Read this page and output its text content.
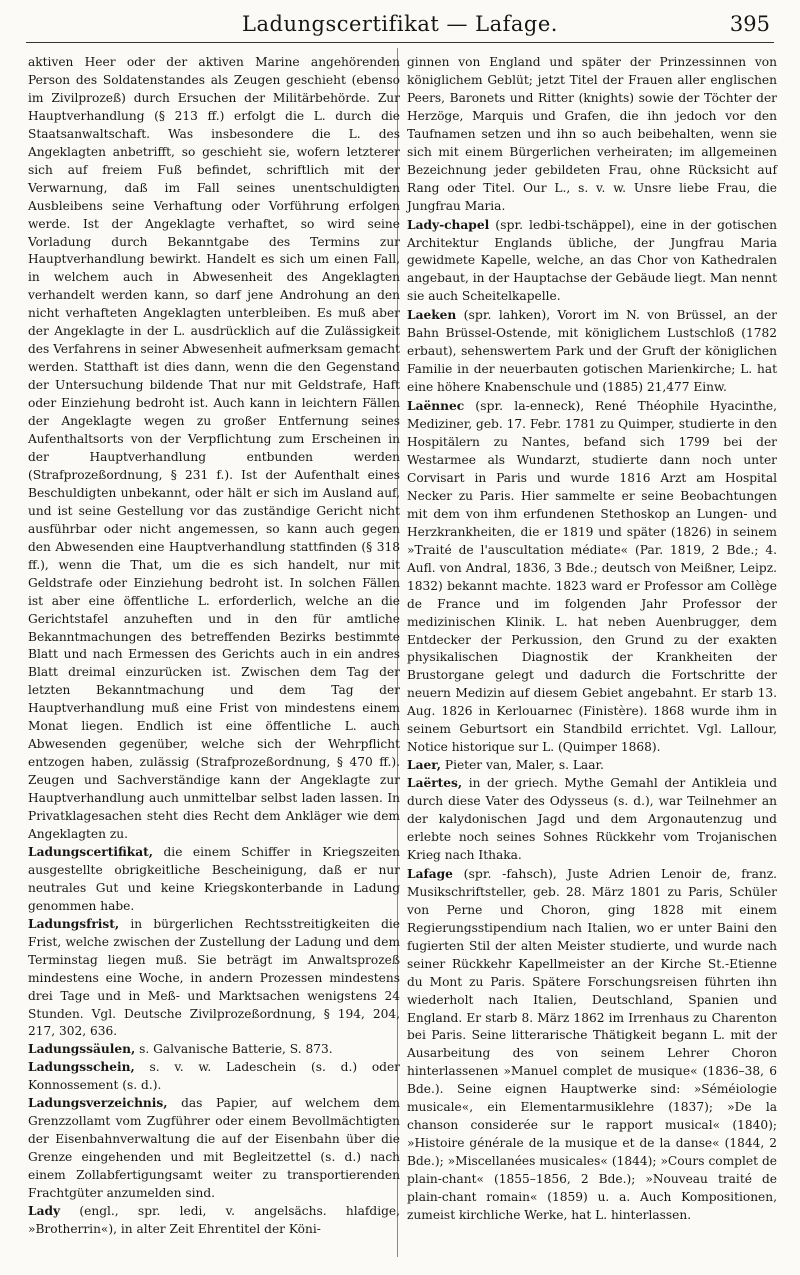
Ladungscertifikat — Lafage.	395

aktiven Heer oder der aktiven Marine angehörenden Person des Soldatenstandes als Zeugen geschieht (ebenso im Zivilprozeß) durch Ersuchen der Militärbehörde. Zur Hauptverhandlung (§ 213 ff.) erfolgt die L. durch die Staatsanwaltschaft. Was insbesondere die L. des Angeklagten anbetrifft, so geschieht sie, wofern letzterer sich auf freiem Fuß befindet, schriftlich mit der Verwarnung, daß im Fall seines unentschuldigten Ausbleibens seine Verhaftung oder Vorführung erfolgen werde. Ist der Angeklagte verhaftet, so wird seine Vorladung durch Bekanntgabe des Termins zur Hauptverhandlung bewirkt. Handelt es sich um einen Fall, in welchem auch in Abwesenheit des Angeklagten verhandelt werden kann, so darf jene Androhung an den nicht verhafteten Angeklagten unterbleiben. Es muß aber der Angeklagte in der L. ausdrücklich auf die Zulässigkeit des Verfahrens in seiner Abwesenheit aufmerksam gemacht werden. Statthaft ist dies dann, wenn die den Gegenstand der Untersuchung bildende That nur mit Geldstrafe, Haft oder Einziehung bedroht ist. Auch kann in leichtern Fällen der Angeklagte wegen zu großer Entfernung seines Aufenthaltsorts von der Verpflichtung zum Erscheinen in der Hauptverhandlung entbunden werden (Strafprozeßordnung, § 231 f.). Ist der Aufenthalt eines Beschuldigten unbekannt, oder hält er sich im Ausland auf, und ist seine Gestellung vor das zuständige Gericht nicht ausführbar oder nicht angemessen, so kann auch gegen den Abwesenden eine Hauptverhandlung stattfinden (§ 318 ff.), wenn die That, um die es sich handelt, nur mit Geldstrafe oder Einziehung bedroht ist. In solchen Fällen ist aber eine öffentliche L. erforderlich, welche an die Gerichtstafel anzuheften und in den für amtliche Bekanntmachungen des betreffenden Bezirks bestimmte Blatt und nach Ermessen des Gerichts auch in ein andres Blatt dreimal einzurücken ist. Zwischen dem Tag der letzten Bekanntmachung und dem Tag der Hauptverhandlung muß eine Frist von mindestens einem Monat liegen. Endlich ist eine öffentliche L. auch Abwesenden gegenüber, welche sich der Wehrpflicht entzogen haben, zulässig (Strafprozeßordnung, § 470 ff.). Zeugen und Sachverständige kann der Angeklagte zur Hauptverhandlung auch unmittelbar selbst laden lassen. In Privatklagesachen steht dies Recht dem Ankläger wie dem Angeklagten zu.

Ladungscertifikat, die einem Schiffer in Kriegszeiten ausgestellte obrigkeitliche Bescheinigung, daß er nur neutrales Gut und keine Kriegskonterbande in Ladung genommen habe.

Ladungsfrist, in bürgerlichen Rechtsstreitigkeiten die Frist, welche zwischen der Zustellung der Ladung und dem Terminstag liegen muß. Sie beträgt im Anwaltsprozeß mindestens eine Woche, in andern Prozessen mindestens drei Tage und in Meß- und Marktsachen wenigstens 24 Stunden. Vgl. Deutsche Zivilprozeßordnung, § 194, 204, 217, 302, 636.

Ladungssäulen, s. Galvanische Batterie, S. 873.

Ladungsschein, s. v. w. Ladeschein (s. d.) oder Konnossement (s. d.).

Ladungsverzeichnis, das Papier, auf welchem dem Grenzzollamt vom Zugführer oder einem Bevollmächtigten der Eisenbahnverwaltung die auf der Eisenbahn über die Grenze eingehenden und mit Begleitzettel (s. d.) nach einem Zollabfertigungsamt weiter zu transportierenden Frachtgüter anzumelden sind.

Lady (engl., spr. ledi, v. angelsächs. hlafdige, »Brotherrin«), in alter Zeit Ehrentitel der Köni-

ginnen von England und später der Prinzessinnen von königlichem Geblüt; jetzt Titel der Frauen aller englischen Peers, Baronets und Ritter (knights) sowie der Töchter der Herzöge, Marquis und Grafen, die ihn jedoch vor den Taufnamen setzen und ihn so auch beibehalten, wenn sie sich mit einem Bürgerlichen verheiraten; im allgemeinen Bezeichnung jeder gebildeten Frau, ohne Rücksicht auf Rang oder Titel. Our L., s. v. w. Unsre liebe Frau, die Jungfrau Maria.

Lady-chapel (spr. ledbi-tschäppel), eine in der gotischen Architektur Englands übliche, der Jungfrau Maria gewidmete Kapelle, welche, an das Chor von Kathedralen angebaut, in der Hauptachse der Gebäude liegt. Man nennt sie auch Scheitelkapelle.

Laeken (spr. lahken), Vorort im N. von Brüssel, an der Bahn Brüssel-Ostende, mit königlichem Lustschloß (1782 erbaut), sehenswertem Park und der Gruft der königlichen Familie in der neuerbauten gotischen Marienkirche; L. hat eine höhere Knabenschule und (1885) 21,477 Einw.

Laënnec (spr. la-enneck), René Théophile Hyacinthe, Mediziner, geb. 17. Febr. 1781 zu Quimper, studierte in den Hospitälern zu Nantes, befand sich 1799 bei der Westarmee als Wundarzt, studierte dann noch unter Corvisart in Paris und wurde 1816 Arzt am Hospital Necker zu Paris. Hier sammelte er seine Beobachtungen mit dem von ihm erfundenen Stethoskop an Lungen- und Herzkrankheiten, die er 1819 und später (1826) in seinem »Traité de l'auscultation médiate« (Par. 1819, 2 Bde.; 4. Aufl. von Andral, 1836, 3 Bde.; deutsch von Meißner, Leipz. 1832) bekannt machte. 1823 ward er Professor am Collège de France und im folgenden Jahr Professor der medizinischen Klinik. L. hat neben Auenbrugger, dem Entdecker der Perkussion, den Grund zu der exakten physikalischen Diagnostik der Krankheiten der Brustorgane gelegt und dadurch die Fortschritte der neuern Medizin auf diesem Gebiet angebahnt. Er starb 13. Aug. 1826 in Kerlouarnec (Finistère). 1868 wurde ihm in seinem Geburtsort ein Standbild errichtet. Vgl. Lallour, Notice historique sur L. (Quimper 1868).

Laer, Pieter van, Maler, s. Laar.

Laërtes, in der griech. Mythe Gemahl der Antikleia und durch diese Vater des Odysseus (s. d.), war Teilnehmer an der kalydonischen Jagd und dem Argonautenzug und erlebte noch seines Sohnes Rückkehr vom Trojanischen Krieg nach Ithaka.

Lafage (spr. -fahsch), Juste Adrien Lenoir de, franz. Musikschriftsteller, geb. 28. März 1801 zu Paris, Schüler von Perne und Choron, ging 1828 mit einem Regierungsstipendium nach Italien, wo er unter Baini den fugierten Stil der alten Meister studierte, und wurde nach seiner Rückkehr Kapellmeister an der Kirche St.-Etienne du Mont zu Paris. Spätere Forschungsreisen führten ihn wiederholt nach Italien, Deutschland, Spanien und England. Er starb 8. März 1862 im Irrenhaus zu Charenton bei Paris. Seine litterarische Thätigkeit begann L. mit der Ausarbeitung des von seinem Lehrer Choron hinterlassenen »Manuel complet de musique« (1836–38, 6 Bde.). Seine eignen Hauptwerke sind: »Séméiologie musicale«, ein Elementarmusiklehre (1837); »De la chanson considerée sur le rapport musical« (1840); »Histoire générale de la musique et de la danse« (1844, 2 Bde.); »Miscellanées musicales« (1844); »Cours complet de plain-chant« (1855–1856, 2 Bde.); »Nouveau traité de plain-chant romain« (1859) u. a. Auch Kompositionen, zumeist kirchliche Werke, hat L. hinterlassen.
